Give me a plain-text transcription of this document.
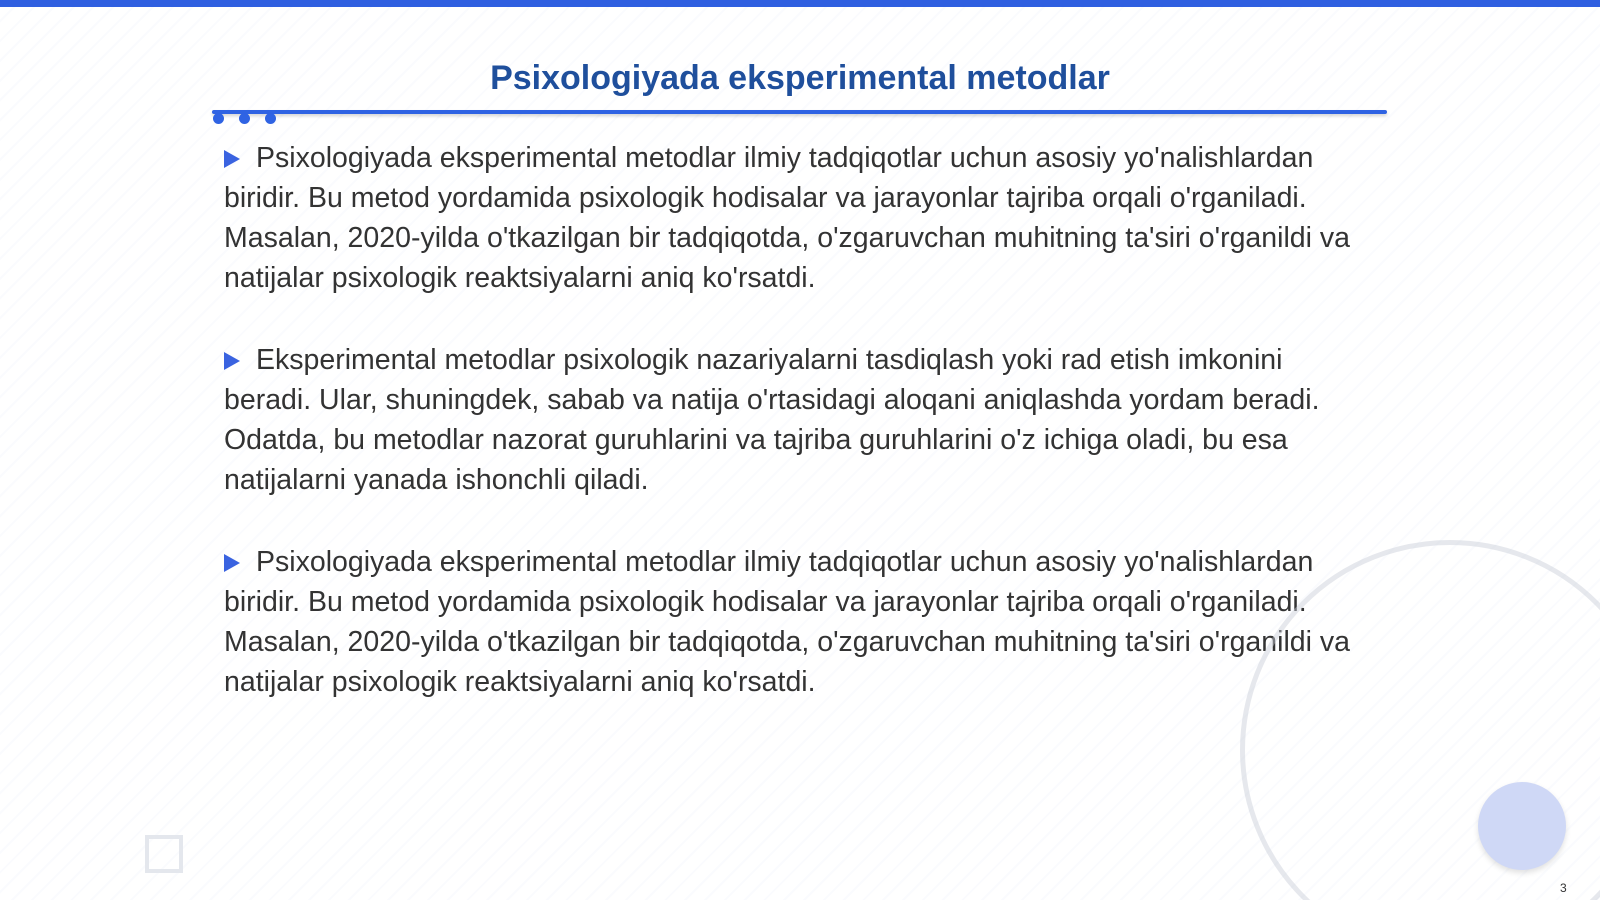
Psixologiyada eksperimental metodlar
Psixologiyada eksperimental metodlar ilmiy tadqiqotlar uchun asosiy yo'nalishlardan biridir. Bu metod yordamida psixologik hodisalar va jarayonlar tajriba orqali o'rganiladi. Masalan, 2020-yilda o'tkazilgan bir tadqiqotda, o'zgaruvchan muhitning ta'siri o'rganildi va natijalar psixologik reaktsiyalarni aniq ko'rsatdi.
Eksperimental metodlar psixologik nazariyalarni tasdiqlash yoki rad etish imkonini beradi. Ular, shuningdek, sabab va natija o'rtasidagi aloqani aniqlashda yordam beradi. Odatda, bu metodlar nazorat guruhlarini va tajriba guruhlarini o'z ichiga oladi, bu esa natijalarni yanada ishonchli qiladi.
Psixologiyada eksperimental metodlar ilmiy tadqiqotlar uchun asosiy yo'nalishlardan biridir. Bu metod yordamida psixologik hodisalar va jarayonlar tajriba orqali o'rganiladi. Masalan, 2020-yilda o'tkazilgan bir tadqiqotda, o'zgaruvchan muhitning ta'siri o'rganildi va natijalar psixologik reaktsiyalarni aniq ko'rsatdi.
3
